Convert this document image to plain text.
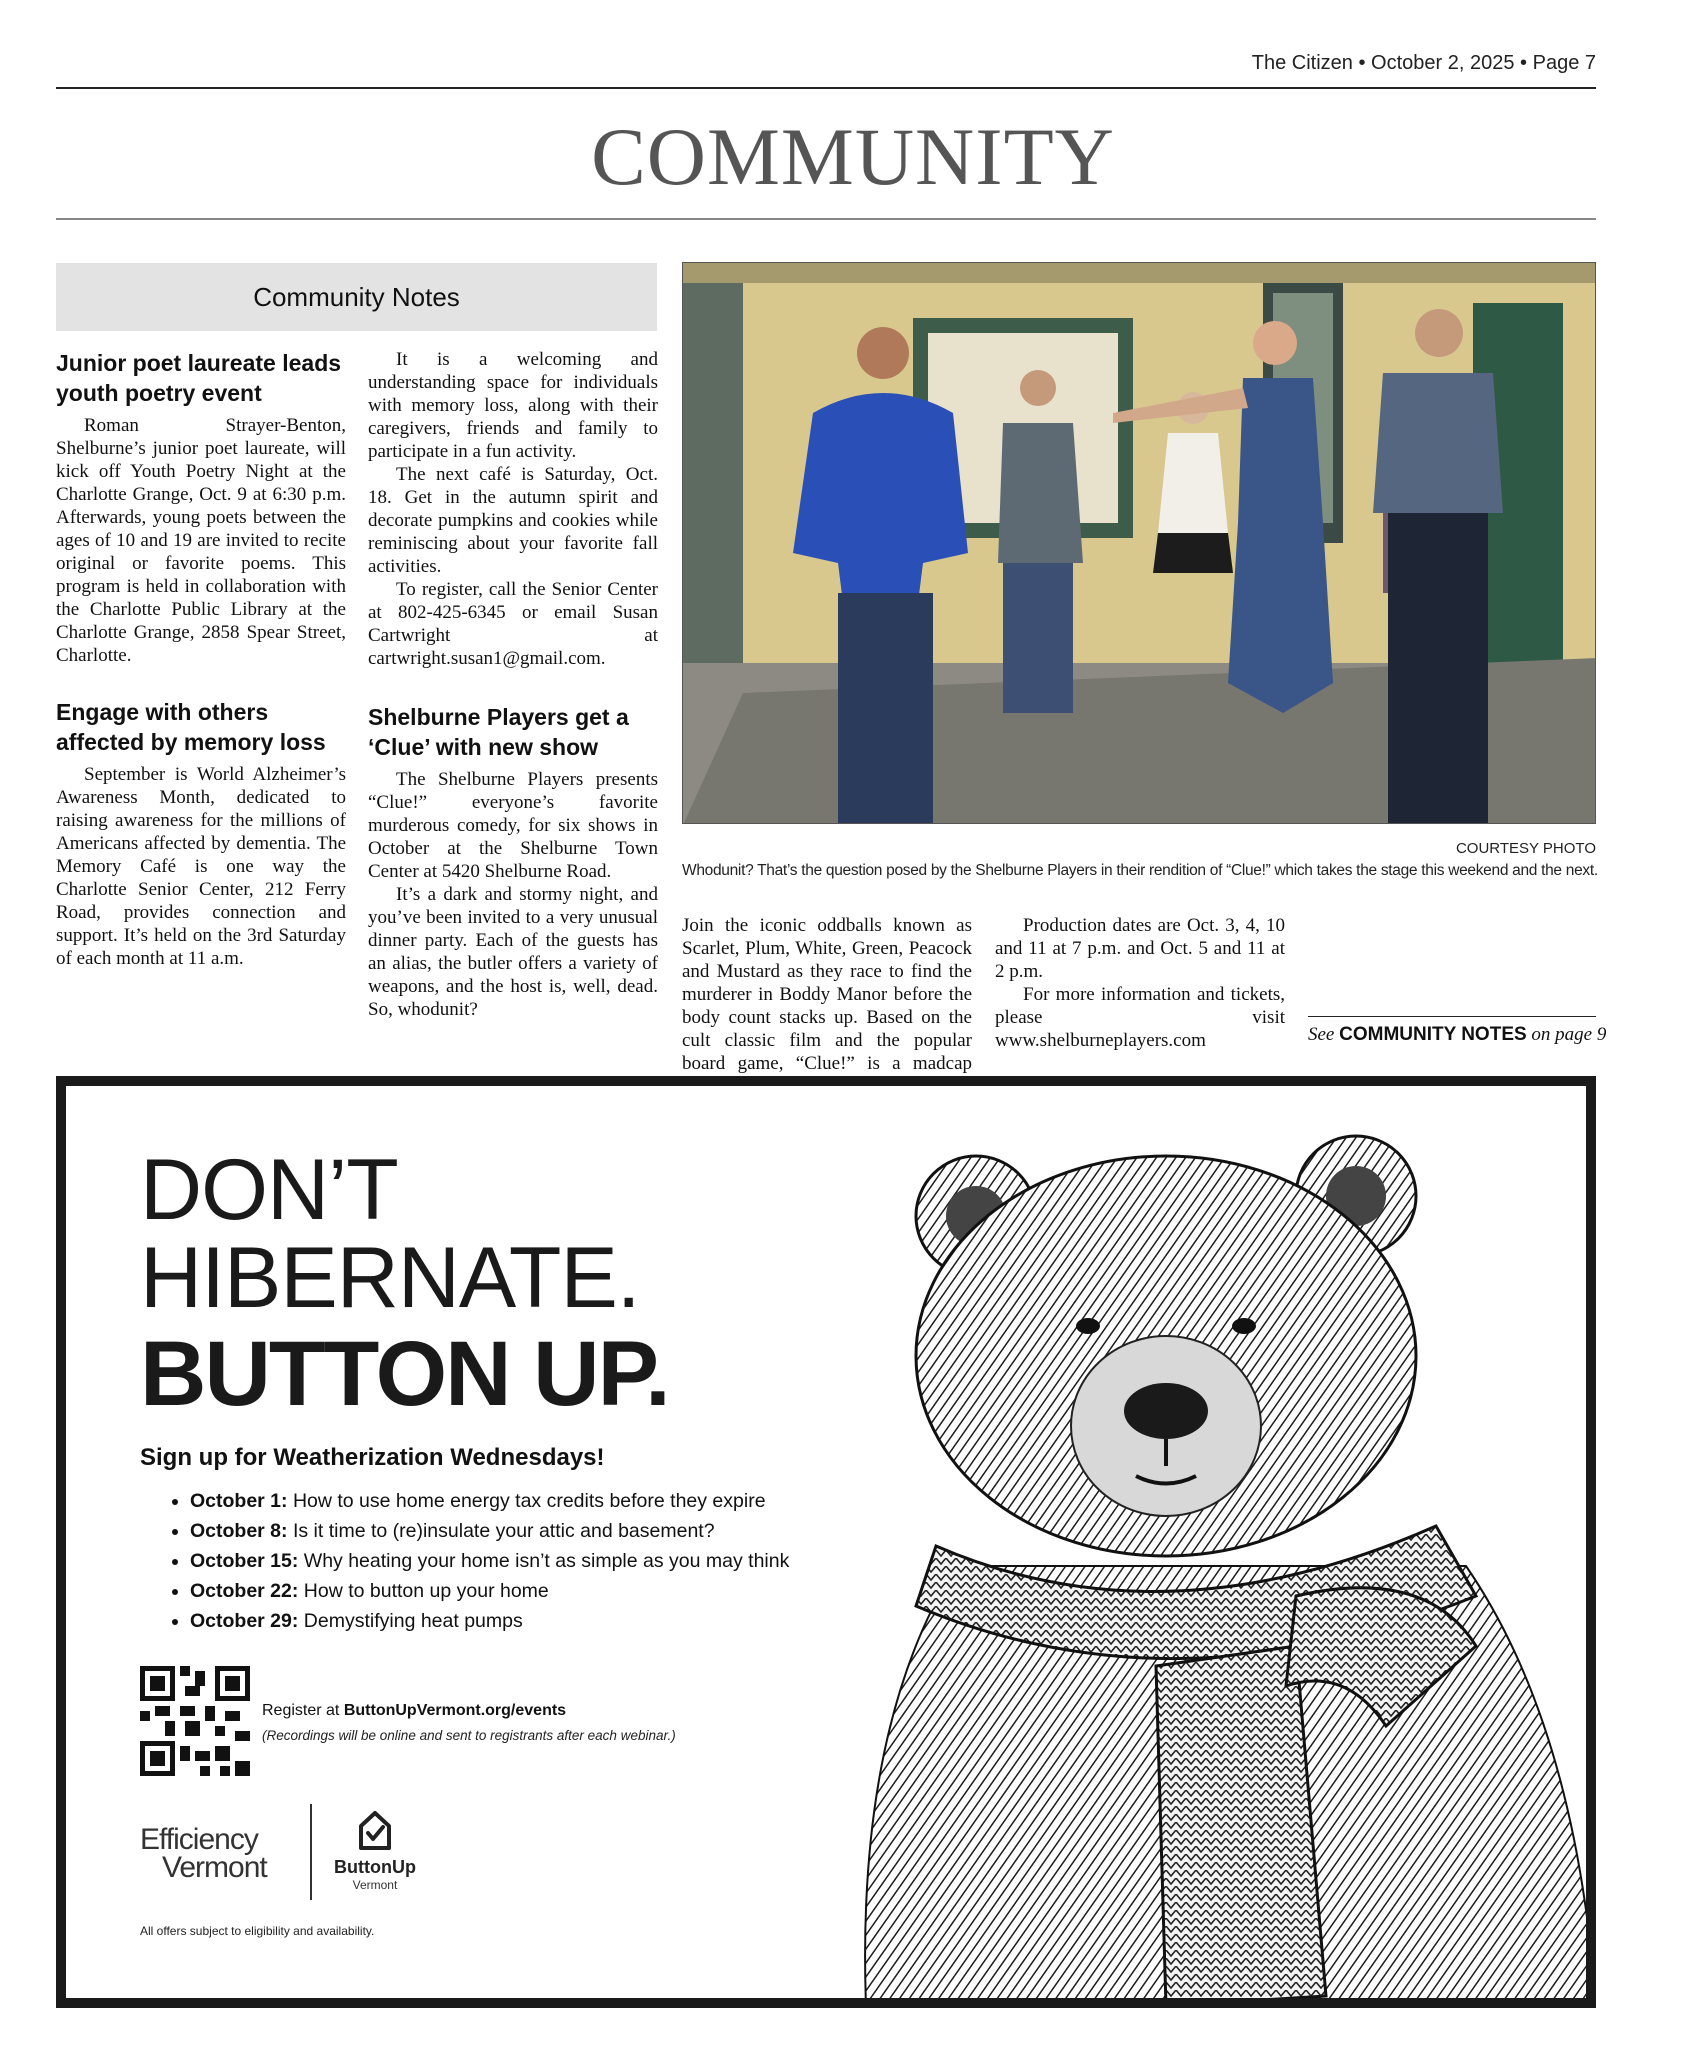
The Citizen • October 2, 2025 • Page 7
COMMUNITY
Community Notes
Junior poet laureate leads youth poetry event

Roman Strayer-Benton, Shelburne’s junior poet laureate, will kick off Youth Poetry Night at the Charlotte Grange, Oct. 9 at 6:30 p.m. Afterwards, young poets between the ages of 10 and 19 are invited to recite original or favorite poems. This program is held in collaboration with the Charlotte Public Library at the Charlotte Grange, 2858 Spear Street, Charlotte.

Engage with others affected by memory loss

September is World Alzheimer’s Awareness Month, dedicated to raising awareness for the millions of Americans affected by dementia. The Memory Café is one way the Charlotte Senior Center, 212 Ferry Road, provides connection and support. It’s held on the 3rd Saturday of each month at 11 a.m.

It is a welcoming and understanding space for individuals with memory loss, along with their caregivers, friends and family to participate in a fun activity.

The next café is Saturday, Oct. 18. Get in the autumn spirit and decorate pumpkins and cookies while reminiscing about your favorite fall activities.

To register, call the Senior Center at 802-425-6345 or email Susan Cartwright at cartwright.susan1@gmail.com.

Shelburne Players get a ‘Clue’ with new show

The Shelburne Players presents “Clue!” everyone’s favorite murderous comedy, for six shows in October at the Shelburne Town Center at 5420 Shelburne Road.

It’s a dark and stormy night, and you’ve been invited to a very unusual dinner party. Each of the guests has an alias, the butler offers a variety of weapons, and the host is, well, dead. So, whodunit?

COURTESY PHOTO
Whodunit? That’s the question posed by the Shelburne Players in their rendition of “Clue!” which takes the stage this weekend and the next.

Join the iconic oddballs known as Scarlet, Plum, White, Green, Peacock and Mustard as they race to find the murderer in Boddy Manor before the body count stacks up. Based on the cult classic film and the popular board game, “Clue!” is a madcap

Production dates are Oct. 3, 4, 10 and 11 at 7 p.m. and Oct. 5 and 11 at 2 p.m.

For more information and tickets, please visit www.shelburneplayers.com	See COMMUNITY NOTES on page 9
DON’T
HIBERNATE.
BUTTON UP.
Sign up for Weatherization Wednesdays!
• October 1: How to use home energy tax credits before they expire
• October 8: Is it time to (re)insulate your attic and basement?
• October 15: Why heating your home isn’t as simple as you may think
• October 22: How to button up your home
• October 29: Demystifying heat pumps
Register at ButtonUpVermont.org/events
(Recordings will be online and sent to registrants after each webinar.)
Efficiency
Vermont	ButtonUp
Vermont
All offers subject to eligibility and availability.
